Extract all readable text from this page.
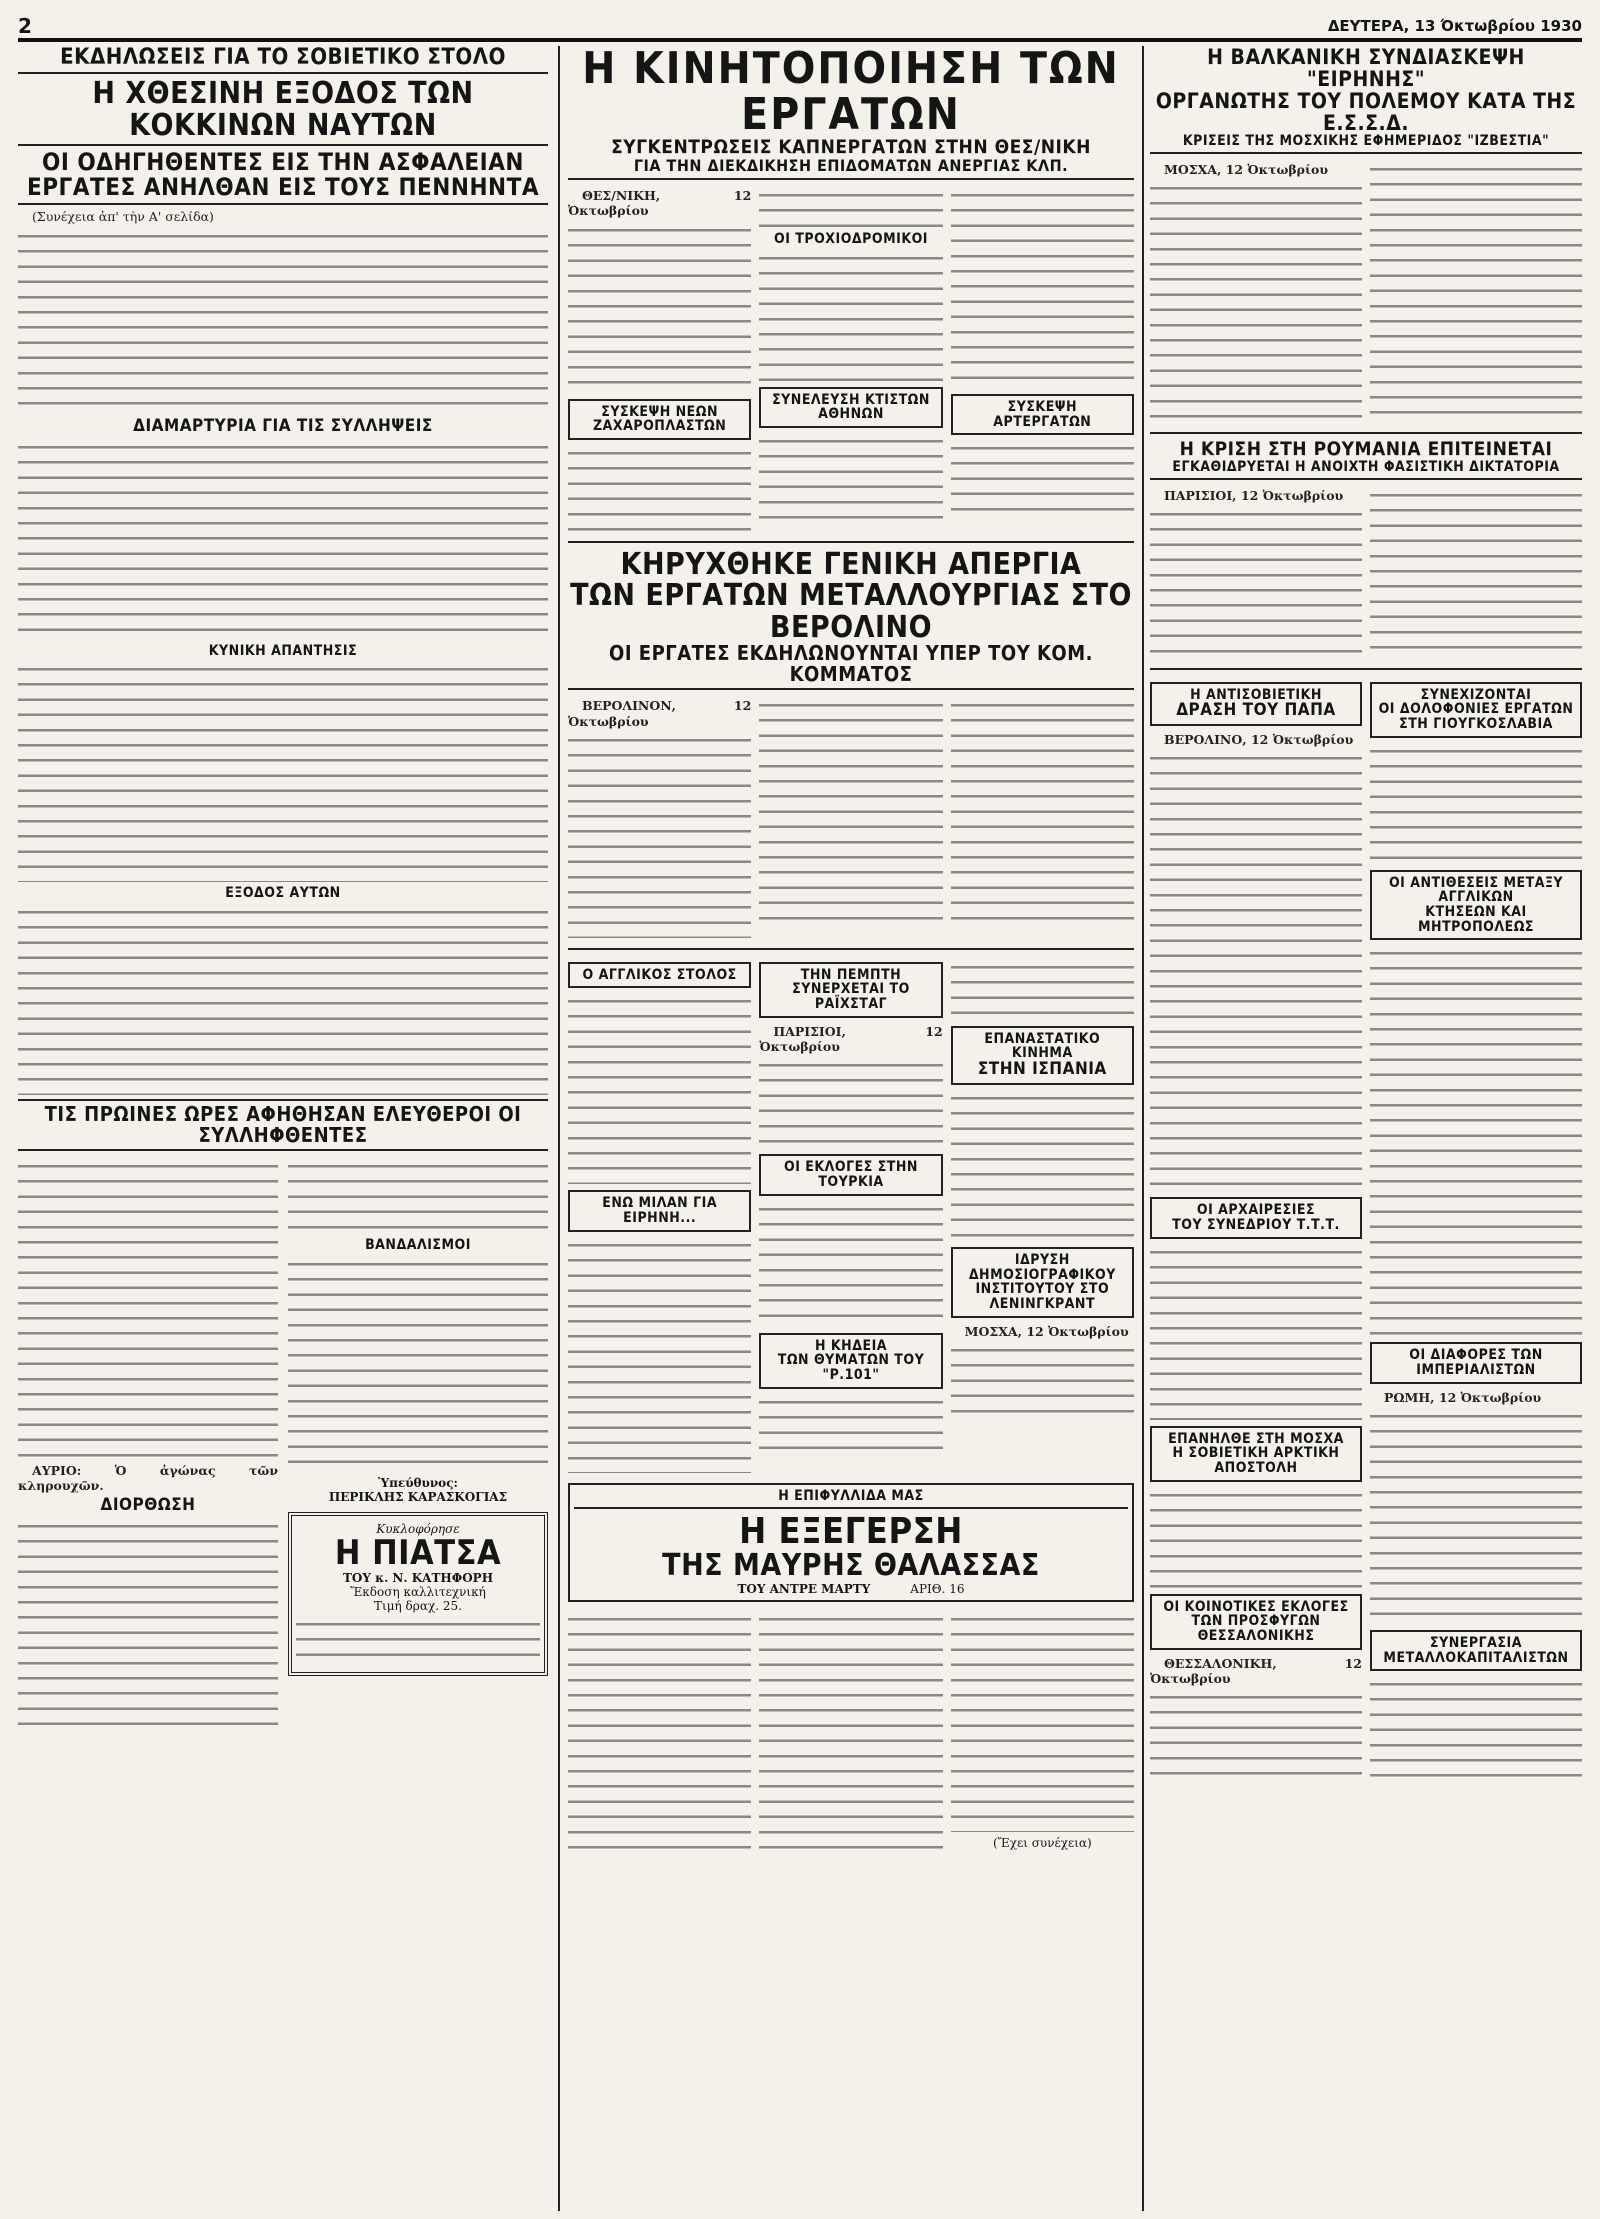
2	ΔΕΥΤΕΡΑ, 13 Όκτωβρίου 1930
ΕΚΔΗΛΩΣΕΙΣ ΓΙΑ ΤΟ ΣΟΒΙΕΤΙΚΟ ΣΤΟΛΟ
Η ΧΘΕΣΙΝΗ ΕΞΟΔΟΣ ΤΩΝ ΚΟΚΚΙΝΩΝ ΝΑΥΤΩΝ
ΟΙ ΟΔΗΓΗΘΕΝΤΕΣ ΕΙΣ ΤΗΝ ΑΣΦΑΛΕΙΑΝ ΕΡΓΑΤΕΣ ΑΝΗΛΘΑΝ ΕΙΣ ΤΟΥΣ ΠΕΝΝΗΝΤΑ
(Συνέχεια ἀπ' τὴν Α' σελίδα)
ΔΙΑΜΑΡΤΥΡΙΑ ΓΙΑ ΤΙΣ ΣΥΛΛΗΨΕΙΣ
ΚΥΝΙΚΗ ΑΠΑΝΤΗΣΙΣ
ΕΞΟΔΟΣ ΑΥΤΩΝ
ΤΙΣ ΠΡΩΙΝΕΣ ΩΡΕΣ ΑΦΗΘΗΣΑΝ ΕΛΕΥΘΕΡΟΙ ΟΙ ΣΥΛΛΗΦΘΕΝΤΕΣ
ΑΥΡΙΟ: Ὁ ἀγώνας τῶν κληρουχῶν.
ΔΙΟΡΘΩΣΗ
ΒΑΝΔΑΛΙΣΜΟΙ
Ὑπεύθυνος:
ΠΕΡΙΚΛΗΣ ΚΑΡΑΣΚΟΓΙΑΣ
Κυκλοφόρησε
Η ΠΙΑΤΣΑ
ΤΟΥ κ. Ν. ΚΑΤΗΦΟΡΗ
Ἔκδοση καλλιτεχνική
Τιμή δραχ. 25.
Η ΚΙΝΗΤΟΠΟΙΗΣΗ ΤΩΝ ΕΡΓΑΤΩΝ
ΣΥΓΚΕΝΤΡΩΣΕΙΣ ΚΑΠΝΕΡΓΑΤΩΝ ΣΤΗΝ ΘΕΣ/ΝΙΚΗ
ΓΙΑ ΤΗΝ ΔΙΕΚΔΙΚΗΣΗ ΕΠΙΔΟΜΑΤΩΝ ΑΝΕΡΓΙΑΣ ΚΛΠ.
ΘΕΣ/ΝΙΚΗ, 12 Ὀκτωβρίου
ΣΥΣΚΕΨΗ ΝΕΩΝ ΖΑΧΑΡΟΠΛΑΣΤΩΝ
ΟΙ ΤΡΟΧΙΟΔΡΟΜΙΚΟΙ
ΣΥΝΕΛΕΥΣΗ ΚΤΙΣΤΩΝ ΑΘΗΝΩΝ	ΣΥΣΚΕΨΗ ΑΡΤΕΡΓΑΤΩΝ
ΚΗΡΥΧΘΗΚΕ ΓΕΝΙΚΗ ΑΠΕΡΓΙΑ
ΤΩΝ ΕΡΓΑΤΩΝ ΜΕΤΑΛΛΟΥΡΓΙΑΣ ΣΤΟ ΒΕΡΟΛΙΝΟ
ΟΙ ΕΡΓΑΤΕΣ ΕΚΔΗΛΩΝΟΥΝΤΑΙ ΥΠΕΡ ΤΟΥ ΚΟΜ. ΚΟΜΜΑΤΟΣ
ΒΕΡΟΛΙΝΟΝ, 12 Ὀκτωβρίου
Ο ΑΓΓΛΙΚΟΣ ΣΤΟΛΟΣ
ΕΝΩ ΜΙΛΑΝ ΓΙΑ ΕΙΡΗΝΗ...
ΤΗΝ ΠΕΜΠΤΗ
ΣΥΝΕΡΧΕΤΑΙ ΤΟ ΡΑΪΧΣΤΑΓ
ΠΑΡΙΣΙΟΙ, 12 Ὀκτωβρίου
ΟΙ ΕΚΛΟΓΕΣ ΣΤΗΝ ΤΟΥΡΚΙΑ
Η ΚΗΔΕΙΑ
ΤΩΝ ΘΥΜΑΤΩΝ ΤΟΥ "Ρ.101"
ΕΠΑΝΑΣΤΑΤΙΚΟ ΚΙΝΗΜΑ
ΣΤΗΝ ΙΣΠΑΝΙΑ
ΙΔΡΥΣΗ ΔΗΜΟΣΙΟΓΡΑΦΙΚΟΥ
ΙΝΣΤΙΤΟΥΤΟΥ ΣΤΟ ΛΕΝΙΝΓΚΡΑΝΤ
ΜΟΣΧΑ, 12 Ὀκτωβρίου
Η ΕΠΙΦΥΛΛΙΔΑ ΜΑΣ
Η ΕΞΕΓΕΡΣΗ
ΤΗΣ ΜΑΥΡΗΣ ΘΑΛΑΣΣΑΣ
ΤΟΥ ΑΝΤΡΕ ΜΑΡΤΥ	ΑΡΙΘ. 16
(Ἔχει συνέχεια)
Η ΒΑΛΚΑΝΙΚΗ ΣΥΝΔΙΑΣΚΕΨΗ "ΕΙΡΗΝΗΣ"
ΟΡΓΑΝΩΤΗΣ ΤΟΥ ΠΟΛΕΜΟΥ ΚΑΤΑ ΤΗΣ Ε.Σ.Σ.Δ.
ΚΡΙΣΕΙΣ ΤΗΣ ΜΟΣΧΙΚΗΣ ΕΦΗΜΕΡΙΔΟΣ "ΙΖΒΕΣΤΙΑ"
ΜΟΣΧΑ, 12 Ὀκτωβρίου
Η ΚΡΙΣΗ ΣΤΗ ΡΟΥΜΑΝΙΑ ΕΠΙΤΕΙΝΕΤΑΙ
ΕΓΚΑΘΙΔΡΥΕΤΑΙ Η ΑΝΟΙΧΤΗ ΦΑΣΙΣΤΙΚΗ ΔΙΚΤΑΤΟΡΙΑ
ΠΑΡΙΣΙΟΙ, 12 Ὀκτωβρίου
Η ΑΝΤΙΣΟΒΙΕΤΙΚΗ
ΔΡΑΣΗ ΤΟΥ ΠΑΠΑ
ΒΕΡΟΛΙΝΟ, 12 Ὀκτωβρίου
ΟΙ ΑΡΧΑΙΡΕΣΙΕΣ
ΤΟΥ ΣΥΝΕΔΡΙΟΥ Τ.Τ.Τ.
ΕΠΑΝΗΛΘΕ ΣΤΗ ΜΟΣΧΑ
Η ΣΟΒΙΕΤΙΚΗ ΑΡΚΤΙΚΗ ΑΠΟΣΤΟΛΗ
ΟΙ ΚΟΙΝΟΤΙΚΕΣ ΕΚΛΟΓΕΣ
ΤΩΝ ΠΡΟΣΦΥΓΩΝ ΘΕΣΣΑΛΟΝΙΚΗΣ
ΘΕΣΣΑΛΟΝΙΚΗ, 12 Ὀκτωβρίου
ΣΥΝΕΧΙΖΟΝΤΑΙ
ΟΙ ΔΟΛΟΦΟΝΙΕΣ ΕΡΓΑΤΩΝ
ΣΤΗ ΓΙΟΥΓΚΟΣΛΑΒΙΑ
ΟΙ ΑΝΤΙΘΕΣΕΙΣ ΜΕΤΑΞΥ ΑΓΓΛΙΚΩΝ
ΚΤΗΣΕΩΝ ΚΑΙ ΜΗΤΡΟΠΟΛΕΩΣ
ΟΙ ΔΙΑΦΟΡΕΣ ΤΩΝ ΙΜΠΕΡΙΑΛΙΣΤΩΝ
ΡΩΜΗ, 12 Ὀκτωβρίου
ΣΥΝΕΡΓΑΣΙΑ ΜΕΤΑΛΛΟΚΑΠΙΤΑΛΙΣΤΩΝ
